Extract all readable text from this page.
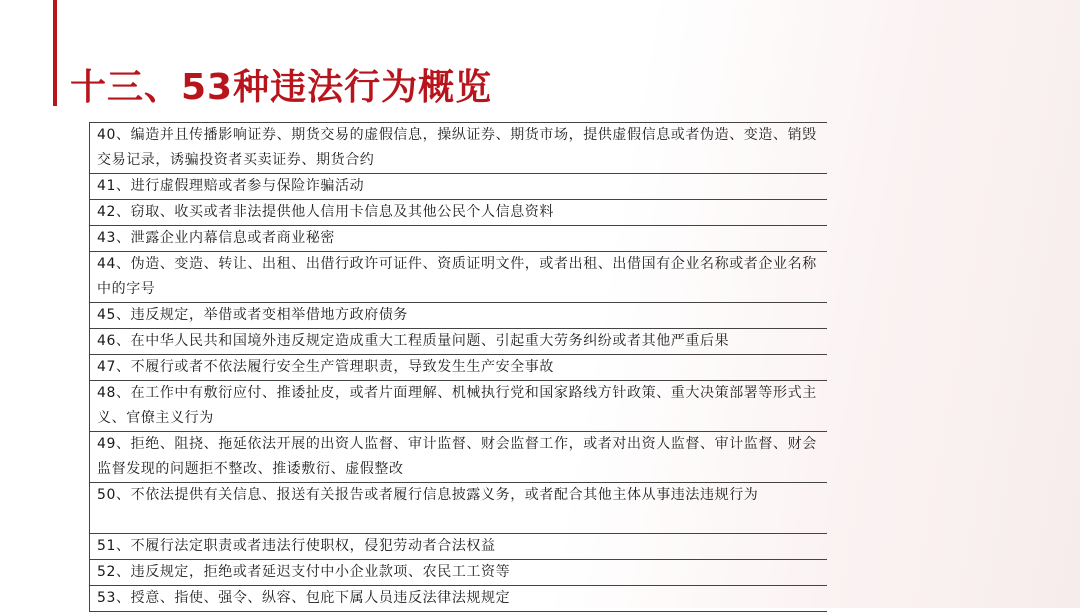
十三、53种违法行为概览
40、编造并且传播影响证券、期货交易的虚假信息，操纵证券、期货市场，提供虚假信息或者伪造、变造、销毁交易记录，诱骗投资者买卖证券、期货合约
41、进行虚假理赔或者参与保险诈骗活动
42、窃取、收买或者非法提供他人信用卡信息及其他公民个人信息资料
43、泄露企业内幕信息或者商业秘密
44、伪造、变造、转让、出租、出借行政许可证件、资质证明文件，或者出租、出借国有企业名称或者企业名称中的字号
45、违反规定，举借或者变相举借地方政府债务
46、在中华人民共和国境外违反规定造成重大工程质量问题、引起重大劳务纠纷或者其他严重后果
47、不履行或者不依法履行安全生产管理职责，导致发生生产安全事故
48、在工作中有敷衍应付、推诿扯皮，或者片面理解、机械执行党和国家路线方针政策、重大决策部署等形式主义、官僚主义行为
49、拒绝、阻挠、拖延依法开展的出资人监督、审计监督、财会监督工作，或者对出资人监督、审计监督、财会监督发现的问题拒不整改、推诿敷衍、虚假整改
50、不依法提供有关信息、报送有关报告或者履行信息披露义务，或者配合其他主体从事违法违规行为
51、不履行法定职责或者违法行使职权，侵犯劳动者合法权益
52、违反规定，拒绝或者延迟支付中小企业款项、农民工工资等
53、授意、指使、强令、纵容、包庇下属人员违反法律法规规定
